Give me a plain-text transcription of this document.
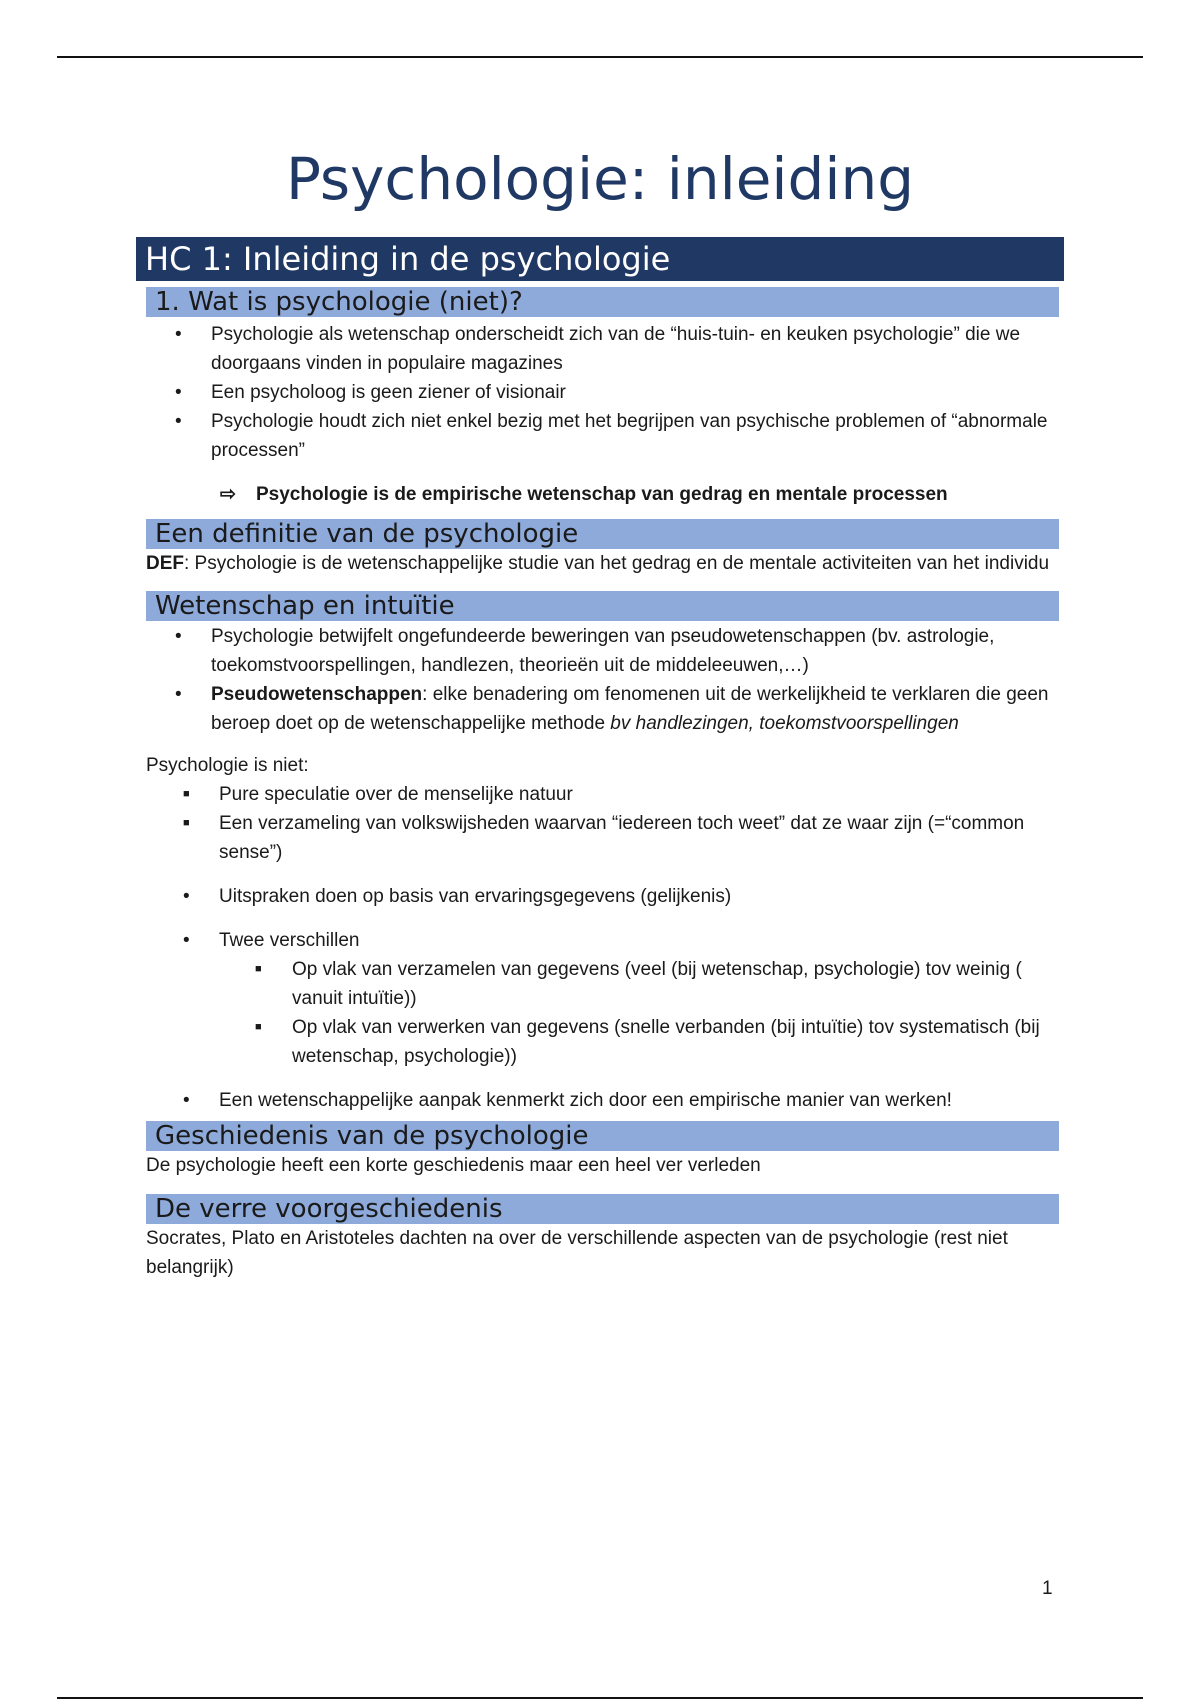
Psychologie: inleiding
HC 1: Inleiding in de psychologie
1. Wat is psychologie (niet)?
• Psychologie als wetenschap onderscheidt zich van de “huis-tuin- en keuken psychologie” die we doorgaans vinden in populaire magazines
• Een psycholoog is geen ziener of visionair
• Psychologie houdt zich niet enkel bezig met het begrijpen van psychische problemen of “abnormale processen”
⇨ Psychologie is de empirische wetenschap van gedrag en mentale processen
Een definitie van de psychologie
DEF: Psychologie is de wetenschappelijke studie van het gedrag en de mentale activiteiten van het individu
Wetenschap en intuïtie
• Psychologie betwijfelt ongefundeerde beweringen van pseudowetenschappen (bv. astrologie, toekomstvoorspellingen, handlezen, theorieën uit de middeleeuwen,…)
• Pseudowetenschappen: elke benadering om fenomenen uit de werkelijkheid te verklaren die geen beroep doet op de wetenschappelijke methode bv handlezingen, toekomstvoorspellingen
Psychologie is niet:
■ Pure speculatie over de menselijke natuur
■ Een verzameling van volkswijsheden waarvan “iedereen toch weet” dat ze waar zijn (=“common sense”)
• Uitspraken doen op basis van ervaringsgegevens (gelijkenis)
• Twee verschillen
■ Op vlak van verzamelen van gegevens (veel (bij wetenschap, psychologie) tov weinig ( vanuit intuïtie))
■ Op vlak van verwerken van gegevens (snelle verbanden (bij intuïtie) tov systematisch (bij wetenschap, psychologie))
• Een wetenschappelijke aanpak kenmerkt zich door een empirische manier van werken!
Geschiedenis van de psychologie
De psychologie heeft een korte geschiedenis maar een heel ver verleden
De verre voorgeschiedenis
Socrates, Plato en Aristoteles dachten na over de verschillende aspecten van de psychologie (rest niet belangrijk)
1
